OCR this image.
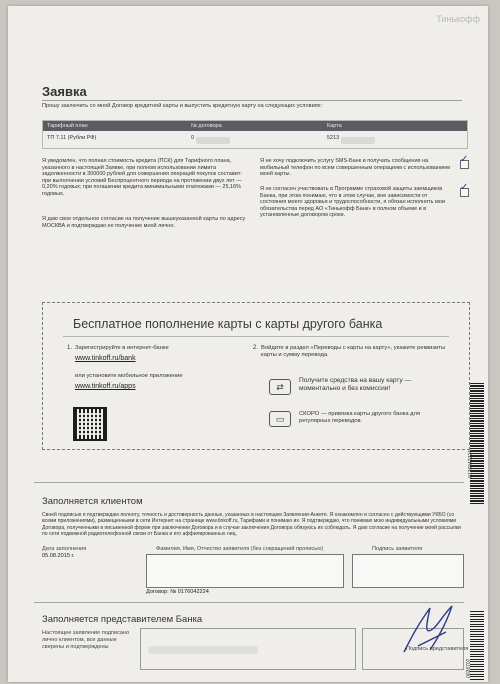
Тинькофф
Заявка
Прошу заключить со мной Договор кредитной карты и выпустить кредитную карту на следующих условиях:
Тарифный план	№ договора	Карта
ТП 7.11 (Рубли РФ)	0	5213

Я уведомлен, что полная стоимость кредита (ПСК) для Тарифного плана, указанного в настоящей Заявке, при полном использовании лимита задолженности в 300000 рублей для совершения операций покупок составит: при выполнении условий Беспроцентного периода на протяжении двух лет — 0,20% годовых; при погашении кредита минимальными платежами — 25,16% годовых.

Я даю свое отдельное согласие на получение вышеуказанной карты по адресу МОСКВА и подтверждаю ее получение мной лично.

Я не хочу подключить услугу SMS-Банк и получать сообщения на мобильный телефон по всем совершенным операциям с использованием моей карты.

✓

Я не согласен участвовать в Программе страховой защиты заемщиков Банка, при этом понимаю, что в этом случае, вне зависимости от состояния моего здоровья и трудоспособности, я обязан исполнять мои обязательства перед АО «Тинькофф Банк» в полном объеме и в установленные договором сроки.

✓
Бесплатное пополнение карты с карты другого банка
1. Зарегистрируйте в интернет-банке
www.tinkoff.ru/bank
или установите мобильное приложение
www.tinkoff.ru/apps
2. Войдите в раздел «Переводы с карты на карту», укажите реквизиты карты и сумму перевода.
⇄
Получите средства на вашу карту — моментально и без комиссии!
▭	СКОРО — привязка карты другого банка для регулярных переводов.
Заполняется клиентом

Своей подписью я подтверждаю полноту, точность и достоверность данных, указанных в настоящем Заявлении-Анкете. Я ознакомлен и согласен с действующими УКБО (со всеми приложениями), размещенными в сети Интернет на странице www.tinkoff.ru, Тарифами и понимаю их. Я подтверждаю, что понимаю мою индивидуальными условиями Договора, полученными в письменной форме при заключении Договора и в случае заключения Договора обязуюсь их соблюдать. Я даю согласие на получение моей рассылки по сети подвижной радиотелефонной связи от Банка и его аффилированных лиц.

Дата заполнения
05.08.2015 г.
Фамилия, Имя, Отчество заявителя (без сокращений прописью)	Подпись заявителя
Договор: № 0176042224
Заполняется представителем Банка
Настоящее заявление подписано лично клиентом, все данные сверены и подтверждены	Подпись представителя
0176042224
0026707
